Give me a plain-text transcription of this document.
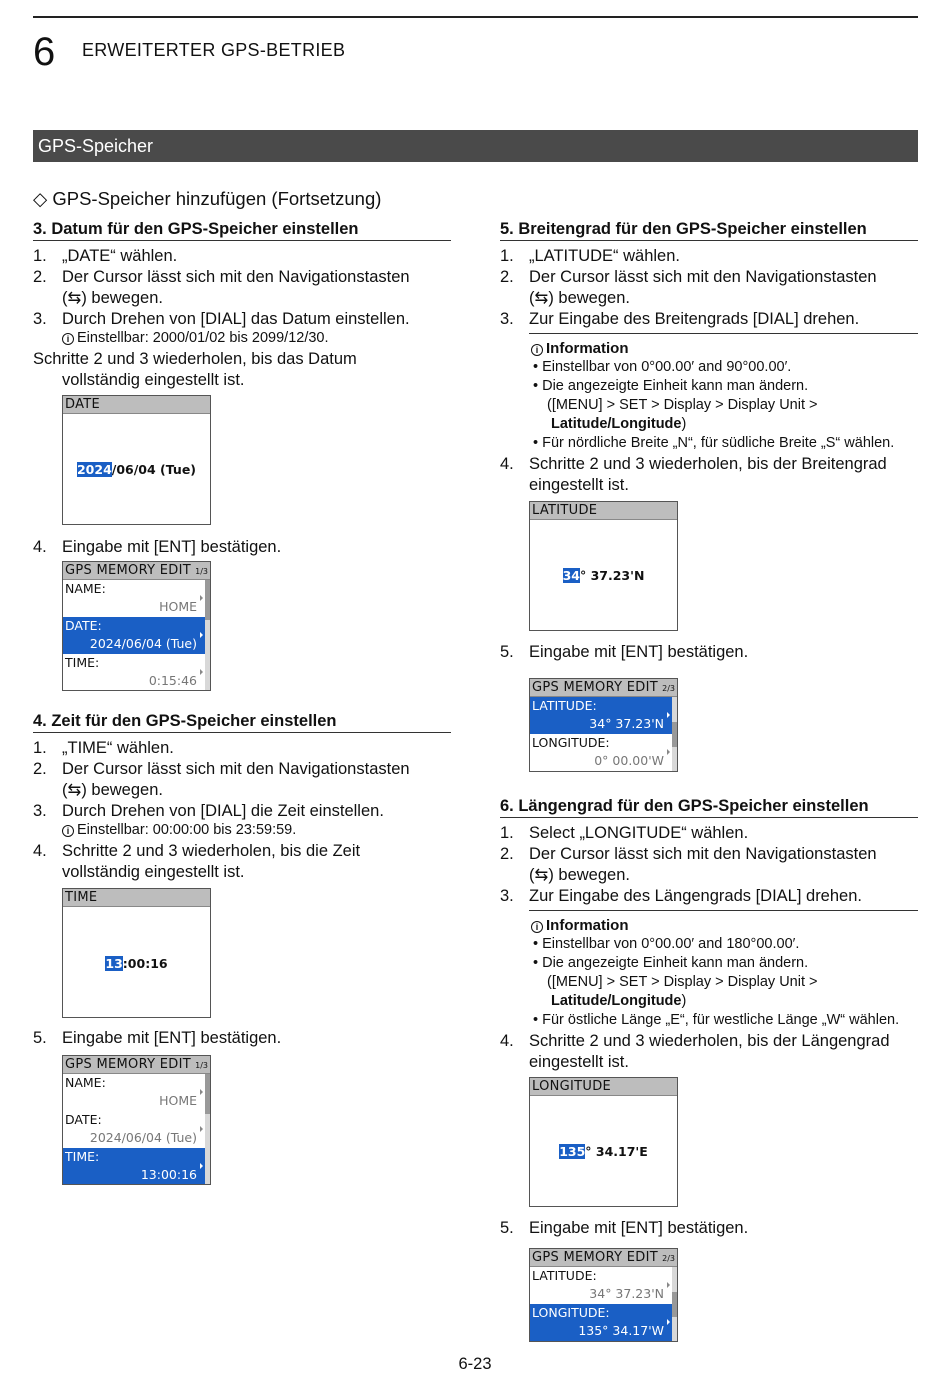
6 ERWEITERTER GPS-BETRIEB
GPS-Speicher
◇ GPS-Speicher hinzufügen (Fortsetzung)
3. Datum für den GPS-Speicher einstellen
1. „DATE“ wählen.
2. Der Cursor lässt sich mit den Navigationstasten
(⇆) bewegen.
3. Durch Drehen von [DIAL] das Datum einstellen.
i Einstellbar: 2000/01/02 bis 2099/12/30.
Schritte 2 und 3 wiederholen, bis das Datum
vollständig eingestellt ist.
DATE
2024/06/04 (Tue)
4. Eingabe mit [ENT] bestätigen.
GPS MEMORY EDIT 1/3
NAME:
HOME
DATE:
2024/06/04 (Tue)
TIME:
0:15:46
4. Zeit für den GPS-Speicher einstellen
1. „TIME“ wählen.
2. Der Cursor lässt sich mit den Navigationstasten
(⇆) bewegen.
3. Durch Drehen von [DIAL] die Zeit einstellen.
i Einstellbar: 00:00:00 bis 23:59:59.
4. Schritte 2 und 3 wiederholen, bis die Zeit
vollständig eingestellt ist.
TIME
13:00:16
5. Eingabe mit [ENT] bestätigen.
GPS MEMORY EDIT 1/3
NAME:
HOME
DATE:
2024/06/04 (Tue)
TIME:
13:00:16
5. Breitengrad für den GPS-Speicher einstellen
1. „LATITUDE“ wählen.
2. Der Cursor lässt sich mit den Navigationstasten
(⇆) bewegen.
3. Zur Eingabe des Breitengrads [DIAL] drehen.
i Information
• Einstellbar von 0°00.00′ and 90°00.00′.
• Die angezeigte Einheit kann man ändern.
([MENU] > SET > Display > Display Unit >
Latitude/Longitude)
• Für nördliche Breite „N“, für südliche Breite „S“ wählen.
4. Schritte 2 und 3 wiederholen, bis der Breitengrad
eingestellt ist.
LATITUDE
34° 37.23'N
5. Eingabe mit [ENT] bestätigen.
GPS MEMORY EDIT 2/3
LATITUDE:
34° 37.23'N
LONGITUDE:
0° 00.00'W
6. Längengrad für den GPS-Speicher einstellen
1. Select „LONGITUDE“ wählen.
2. Der Cursor lässt sich mit den Navigationstasten
(⇆) bewegen.
3. Zur Eingabe des Längengrads [DIAL] drehen.
i Information
• Einstellbar von 0°00.00′ and 180°00.00′.
• Die angezeigte Einheit kann man ändern.
([MENU] > SET > Display > Display Unit >
Latitude/Longitude)
• Für östliche Länge „E“, für westliche Länge „W“ wählen.
4. Schritte 2 und 3 wiederholen, bis der Längengrad
eingestellt ist.
LONGITUDE
135° 34.17'E
5. Eingabe mit [ENT] bestätigen.
GPS MEMORY EDIT 2/3
LATITUDE:
34° 37.23'N
LONGITUDE:
135° 34.17'W
6-23
